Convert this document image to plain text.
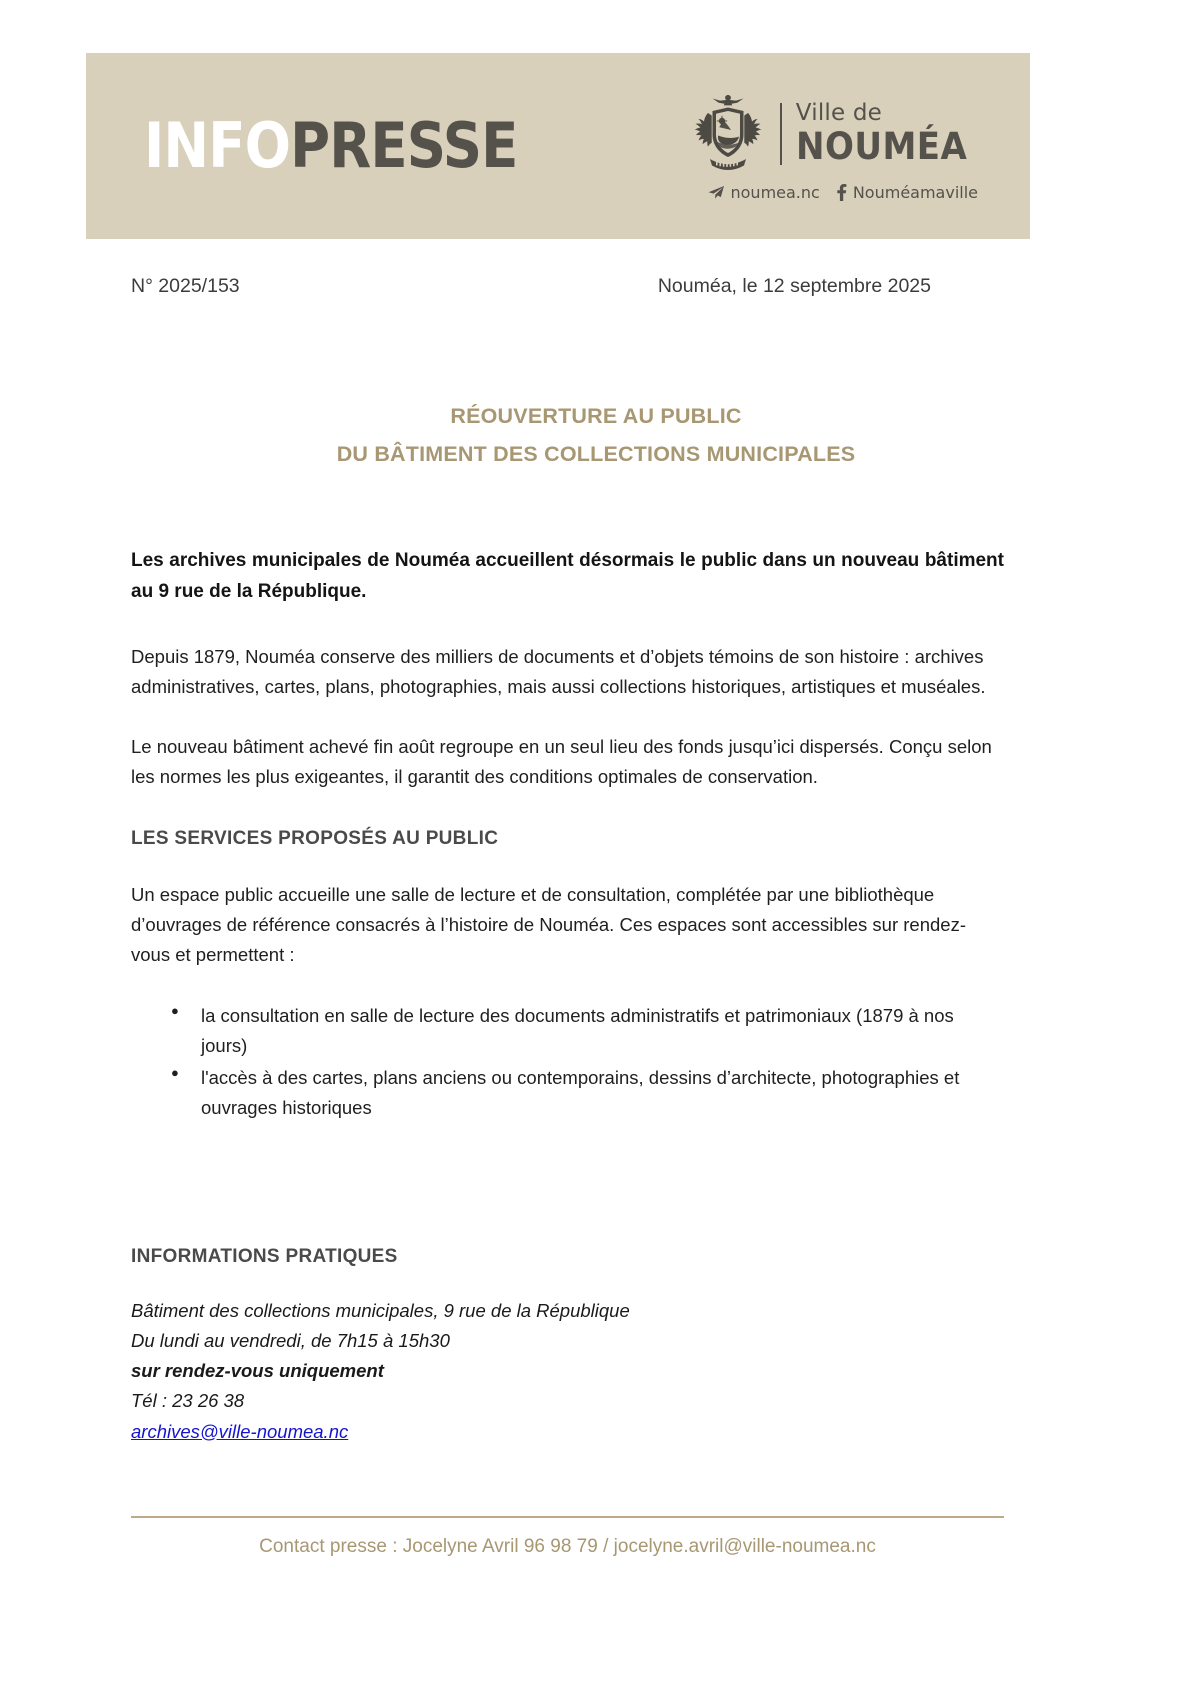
INFOPRESSE	Ville de
NOUMÉA
noumea.nc Nouméamaville
N° 2025/153	Nouméa, le 12 septembre 2025
RÉOUVERTURE AU PUBLIC
DU BÂTIMENT DES COLLECTIONS MUNICIPALES

Les archives municipales de Nouméa accueillent désormais le public dans un nouveau bâtiment au 9 rue de la République.

Depuis 1879, Nouméa conserve des milliers de documents et d’objets témoins de son histoire : archives administratives, cartes, plans, photographies, mais aussi collections historiques, artistiques et muséales.

Le nouveau bâtiment achevé fin août regroupe en un seul lieu des fonds jusqu’ici dispersés. Conçu selon les normes les plus exigeantes, il garantit des conditions optimales de conservation.

LES SERVICES PROPOSÉS AU PUBLIC

Un espace public accueille une salle de lecture et de consultation, complétée par une bibliothèque d’ouvrages de référence consacrés à l’histoire de Nouméa. Ces espaces sont accessibles sur rendez-vous et permettent :

● la consultation en salle de lecture des documents administratifs et patrimoniaux (1879 à nos jours)
● l'accès à des cartes, plans anciens ou contemporains, dessins d’architecte, photographies et ouvrages historiques
INFORMATIONS PRATIQUES
Bâtiment des collections municipales, 9 rue de la République
Du lundi au vendredi, de 7h15 à 15h30
sur rendez-vous uniquement
Tél : 23 26 38
archives@ville-noumea.nc
Contact presse : Jocelyne Avril 96 98 79 / jocelyne.avril@ville-noumea.nc
